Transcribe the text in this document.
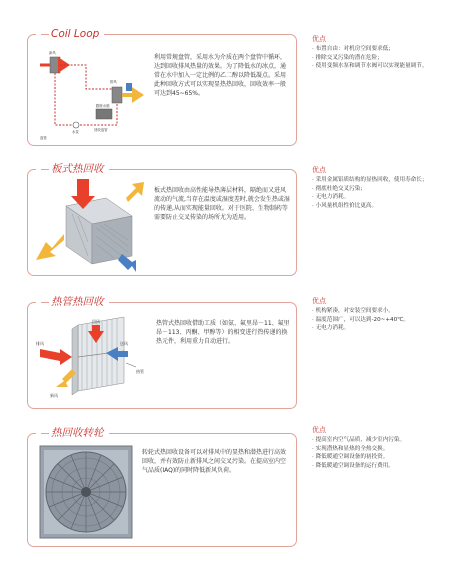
Coil Loop
新风
排风
回收盘管
水泵
膨胀水箱
盘管
利用常规盘管，采用水为介质在两个盘管中循环，达到回收排风热量的效果。为了降低水的冰点，通常在水中加入一定比例的乙二醇以降低凝点。采用此种回收方式可以实现显热热回收，回收效率一般可达到45~65%。
优点
· 布置自由：对机房空间要求低；
· 排除交叉污染的潜在危险；
· 使用变频水泵和调节水阀可以实现能量调节。
板式热回收
板式热回收由高性能导热薄层材料，隔绝而又进风流动的气流,当存在温度或湿度差时,就会发生热或湿的传递,从而实现能量回收。对于医院、生物制药等需要防止交叉传染的场所尤为适用。
优点
· 采用金属铝质结构的显热回收，使用寿命长；
· 彻底杜绝交叉污染；
· 无电力消耗。
· 小风量机组性价比更高。
热管热回收
回风
送风
排风
新风
热管
热管式热回收借助工质（如氨、氟里昂－11、氟里昂－113、丙酮、甲醇等）的相变进行热传递的换热元件，利用重力自动进行。
优点
· 机构紧凑，对安装空间要求小。
· 温度范围广，可以达到-20~+40℃。
· 无电力消耗。
热回收转轮
转轮式热回收设备可以对排风中的显热和潜热进行高效回收，并有效防止新排风之间交叉污染。在提高室内空气品质(IAQ)的同时降低新风负荷。
优点
· 提高室内空气品质，减少室内污染。
· 实现潜热和显热的全热交换。
· 降低暖通空调设备的初投资。
· 降低暖通空调设备的运行费用。
